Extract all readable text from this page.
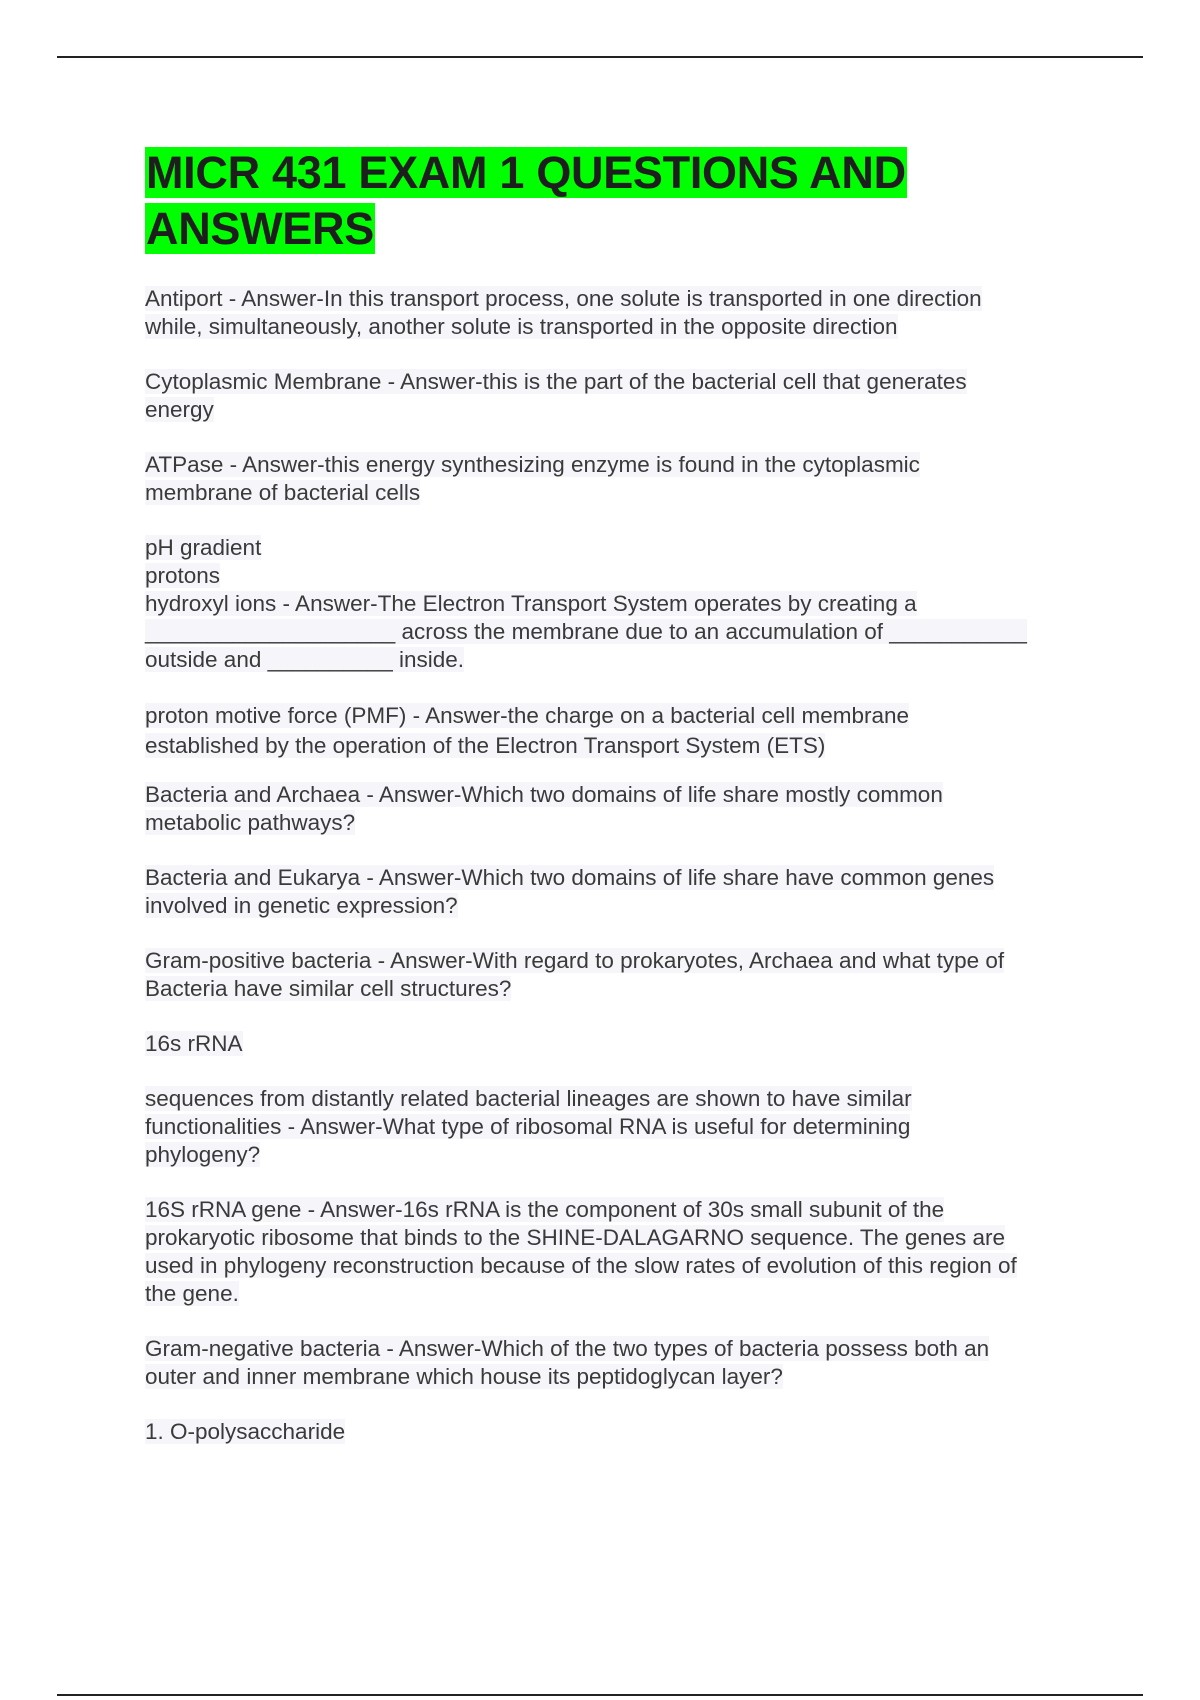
MICR 431 EXAM 1 QUESTIONS AND ANSWERS

Antiport - Answer-In this transport process, one solute is transported in one direction
while, simultaneously, another solute is transported in the opposite direction

Cytoplasmic Membrane - Answer-this is the part of the bacterial cell that generates
energy

ATPase - Answer-this energy synthesizing enzyme is found in the cytoplasmic
membrane of bacterial cells

pH gradient
protons
hydroxyl ions - Answer-The Electron Transport System operates by creating a
____________________ across the membrane due to an accumulation of ___________
outside and __________ inside.

proton motive force (PMF) - Answer-the charge on a bacterial cell membrane
established by the operation of the Electron Transport System (ETS)

Bacteria and Archaea - Answer-Which two domains of life share mostly common
metabolic pathways?

Bacteria and Eukarya - Answer-Which two domains of life share have common genes
involved in genetic expression?

Gram-positive bacteria - Answer-With regard to prokaryotes, Archaea and what type of
Bacteria have similar cell structures?

16s rRNA

sequences from distantly related bacterial lineages are shown to have similar
functionalities - Answer-What type of ribosomal RNA is useful for determining
phylogeny?

16S rRNA gene - Answer-16s rRNA is the component of 30s small subunit of the
prokaryotic ribosome that binds to the SHINE-DALAGARNO sequence. The genes are
used in phylogeny reconstruction because of the slow rates of evolution of this region of
the gene.

Gram-negative bacteria - Answer-Which of the two types of bacteria possess both an
outer and inner membrane which house its peptidoglycan layer?

1. O-polysaccharide
